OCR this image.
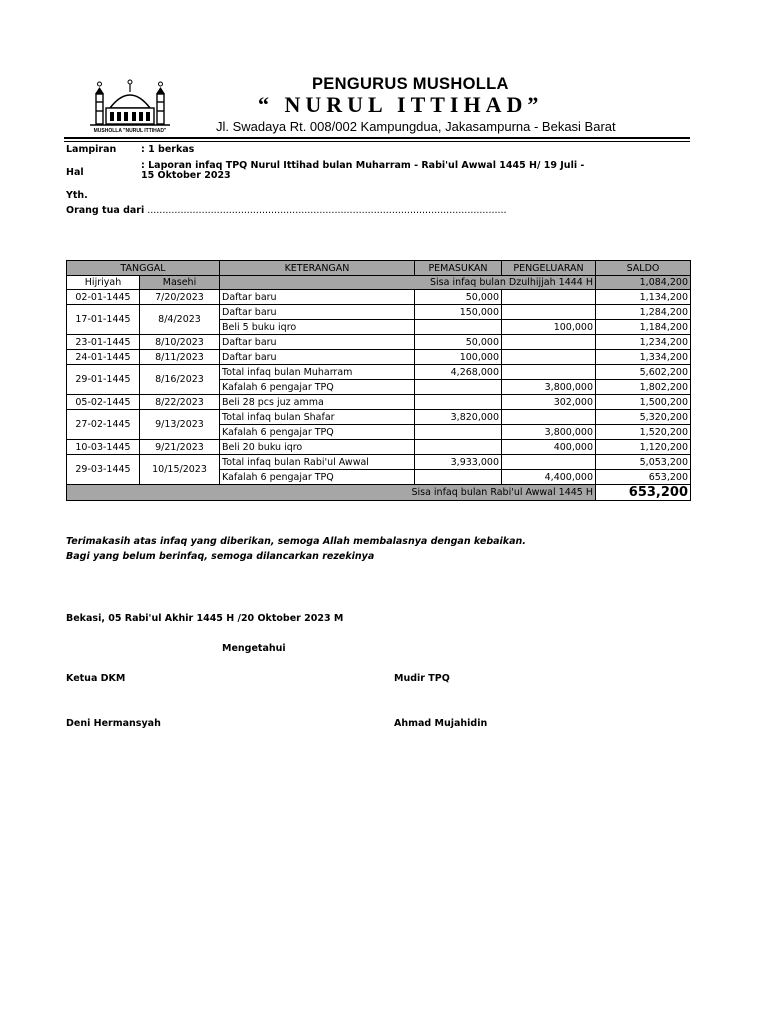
MUSHOLLA "NURUL ITTIHAD"
PENGURUS MUSHOLLA
“ NURUL ITTIHAD”
Jl. Swadaya Rt. 008/002 Kampungdua, Jakasampurna - Bekasi Barat
Lampiran	: 1 berkas
Hal
: Laporan infaq TPQ Nurul Ittihad bulan Muharram - Rabi'ul Awwal 1445 H/ 19 Juli - 15 Oktober 2023
Yth.
Orang tua dari
: .......................................................................................................................
TANGGAL		KETERANGAN	PEMASUKAN	PENGELUARAN	SALDO
Hijriyah	Masehi	Sisa infaq bulan Dzulhijjah 1444 H			1,084,200
02-01-1445	7/20/2023	Daftar baru	50,000		1,134,200
17-01-1445	8/4/2023	Daftar baru	150,000		1,284,200
		Beli 5 buku iqro		100,000	1,184,200
23-01-1445	8/10/2023	Daftar baru	50,000		1,234,200
24-01-1445	8/11/2023	Daftar baru	100,000		1,334,200
29-01-1445	8/16/2023	Total infaq bulan Muharram	4,268,000		5,602,200
		Kafalah 6 pengajar TPQ		3,800,000	1,802,200
05-02-1445	8/22/2023	Beli 28 pcs juz amma		302,000	1,500,200
27-02-1445	9/13/2023	Total infaq bulan Shafar	3,820,000		5,320,200
		Kafalah 6 pengajar TPQ		3,800,000	1,520,200
10-03-1445	9/21/2023	Beli 20 buku iqro		400,000	1,120,200
29-03-1445	10/15/2023	Total infaq bulan Rabi'ul Awwal	3,933,000		5,053,200
		Kafalah 6 pengajar TPQ		4,400,000	653,200
Sisa infaq bulan Rabi'ul Awwal 1445 H					653,200
Terimakasih atas infaq yang diberikan, semoga Allah membalasnya dengan kebaikan.
Bagi yang belum berinfaq, semoga dilancarkan rezekinya
Bekasi, 05 Rabi'ul Akhir 1445 H /20 Oktober 2023 M
Mengetahui
Ketua DKM	Mudir TPQ
Deni Hermansyah	Ahmad Mujahidin
